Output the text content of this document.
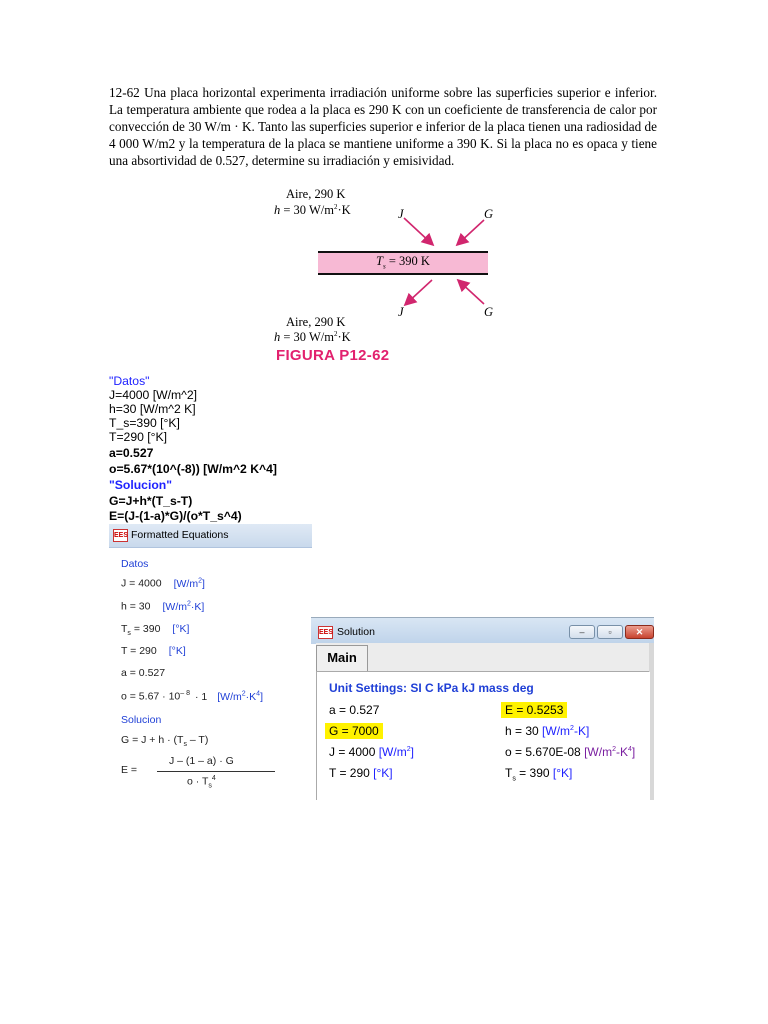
12-62 Una placa horizontal experimenta irradiación uniforme sobre las superficies superior e inferior. La temperatura ambiente que rodea a la placa es 290 K con un coeficiente de transferencia de calor por convección de 30 W/m · K. Tanto las superficies superior e inferior de la placa tienen una radiosidad de 4 000 W/m2 y la temperatura de la placa se mantiene uniforme a 390 K. Si la placa no es opaca y tiene una absortividad de 0.527, determine su irradiación y emisividad.
Aire, 290 K
h = 30 $W/m^2\cdot K$	J	G
$T_s = 390$ K
J	G
Aire, 290 K
h = 30 $W/m^2\cdot K$
FIGURA P12-62
"Datos"
J=4000 [W/m^2]
h=30 [W/m^2 K]
T_s=390 [°K]
T=290 [°K]
a=0.527
o=5.67*(10^(-8)) [W/m^2 K^4]
"Solucion"
G=J+h*(T_s-T)
E=(J-(1-a)*G)/(o*T_s^4)
EES Formatted Equations
Datos
J = 4000 $[W/m^2]$
h = 30 $[W/m^2\cdot K]$
$T_s = 390$ [°K]
T = 290 [°K]
a = 0.527
$o = 5.67 \cdot 10^{- 8} \cdot 1$ $[W/m^2\cdot K^4]$
Solucion
$G = J + h \cdot (T_s - T)$
E =
J – (1 – a) · G
$o \cdot T_s^4$
EES Solution	‒	▫	✕
Main
Unit Settings: SI C kPa kJ mass deg
a = 0.527	E = 0.5253
G = 7000	h = 30 $[W/m^2-K]$
J = 4000 $[W/m^2]$	o = 5.670E-08 $[W/m^2-K^4]$
T = 290 [°K]	$T_s = 390$ [°K]
